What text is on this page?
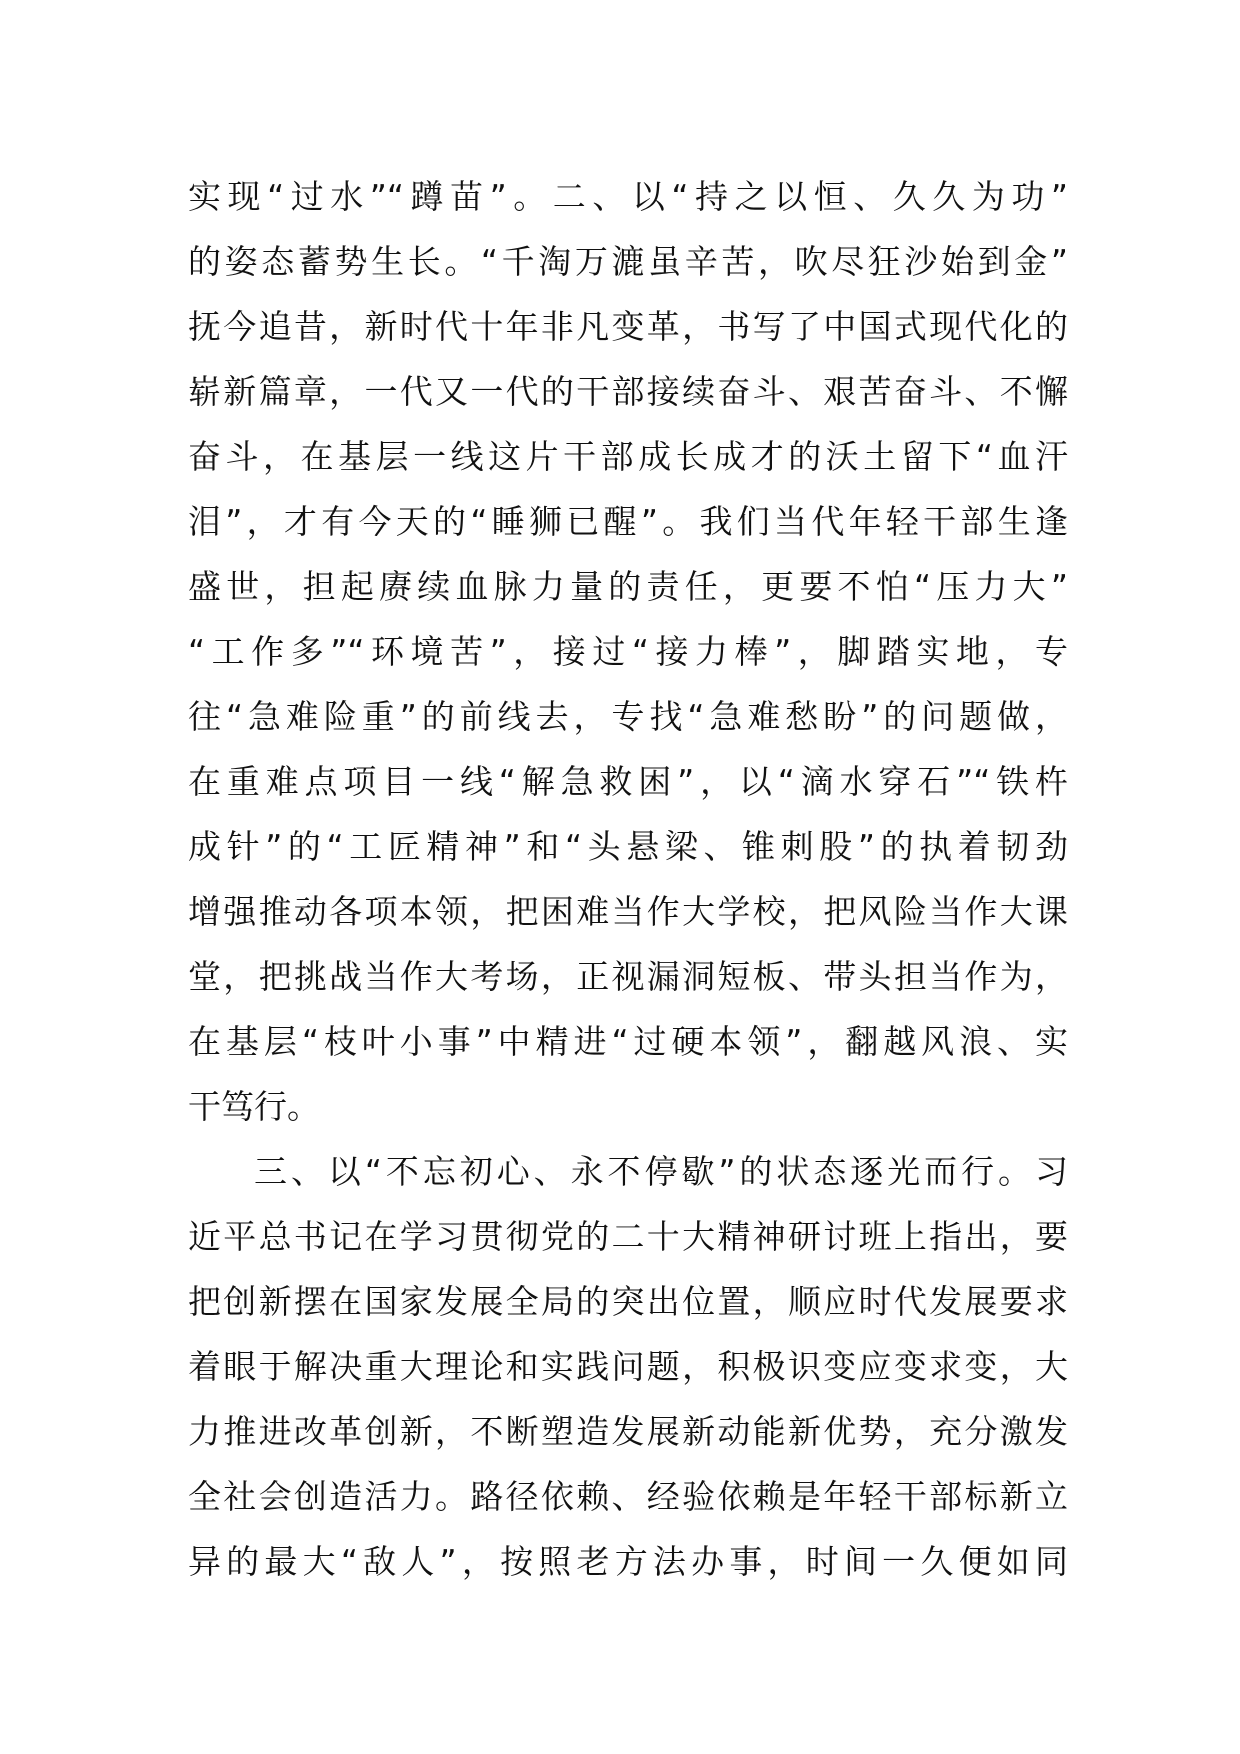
实现“过水”“蹲苗”。二、以“持之以恒、久久为功”
的姿态蓄势生长。“千淘万漉虽辛苦，吹尽狂沙始到金”
抚今追昔，新时代十年非凡变革，书写了中国式现代化的
崭新篇章，一代又一代的干部接续奋斗、艰苦奋斗、不懈
奋斗，在基层一线这片干部成长成才的沃土留下“血汗
泪”，才有今天的“睡狮已醒”。我们当代年轻干部生逢
盛世，担起赓续血脉力量的责任，更要不怕“压力大”
“工作多”“环境苦”，接过“接力棒”，脚踏实地，专
往“急难险重”的前线去，专找“急难愁盼”的问题做，
在重难点项目一线“解急救困”，以“滴水穿石”“铁杵
成针”的“工匠精神”和“头悬梁、锥刺股”的执着韧劲
增强推动各项本领，把困难当作大学校，把风险当作大课
堂，把挑战当作大考场，正视漏洞短板、带头担当作为，
在基层“枝叶小事”中精进“过硬本领”，翻越风浪、实
干笃行。
三、以“不忘初心、永不停歇”的状态逐光而行。习
近平总书记在学习贯彻党的二十大精神研讨班上指出，要
把创新摆在国家发展全局的突出位置，顺应时代发展要求
着眼于解决重大理论和实践问题，积极识变应变求变，大
力推进改革创新，不断塑造发展新动能新优势，充分激发
全社会创造活力。路径依赖、经验依赖是年轻干部标新立
异的最大“敌人”，按照老方法办事，时间一久便如同
